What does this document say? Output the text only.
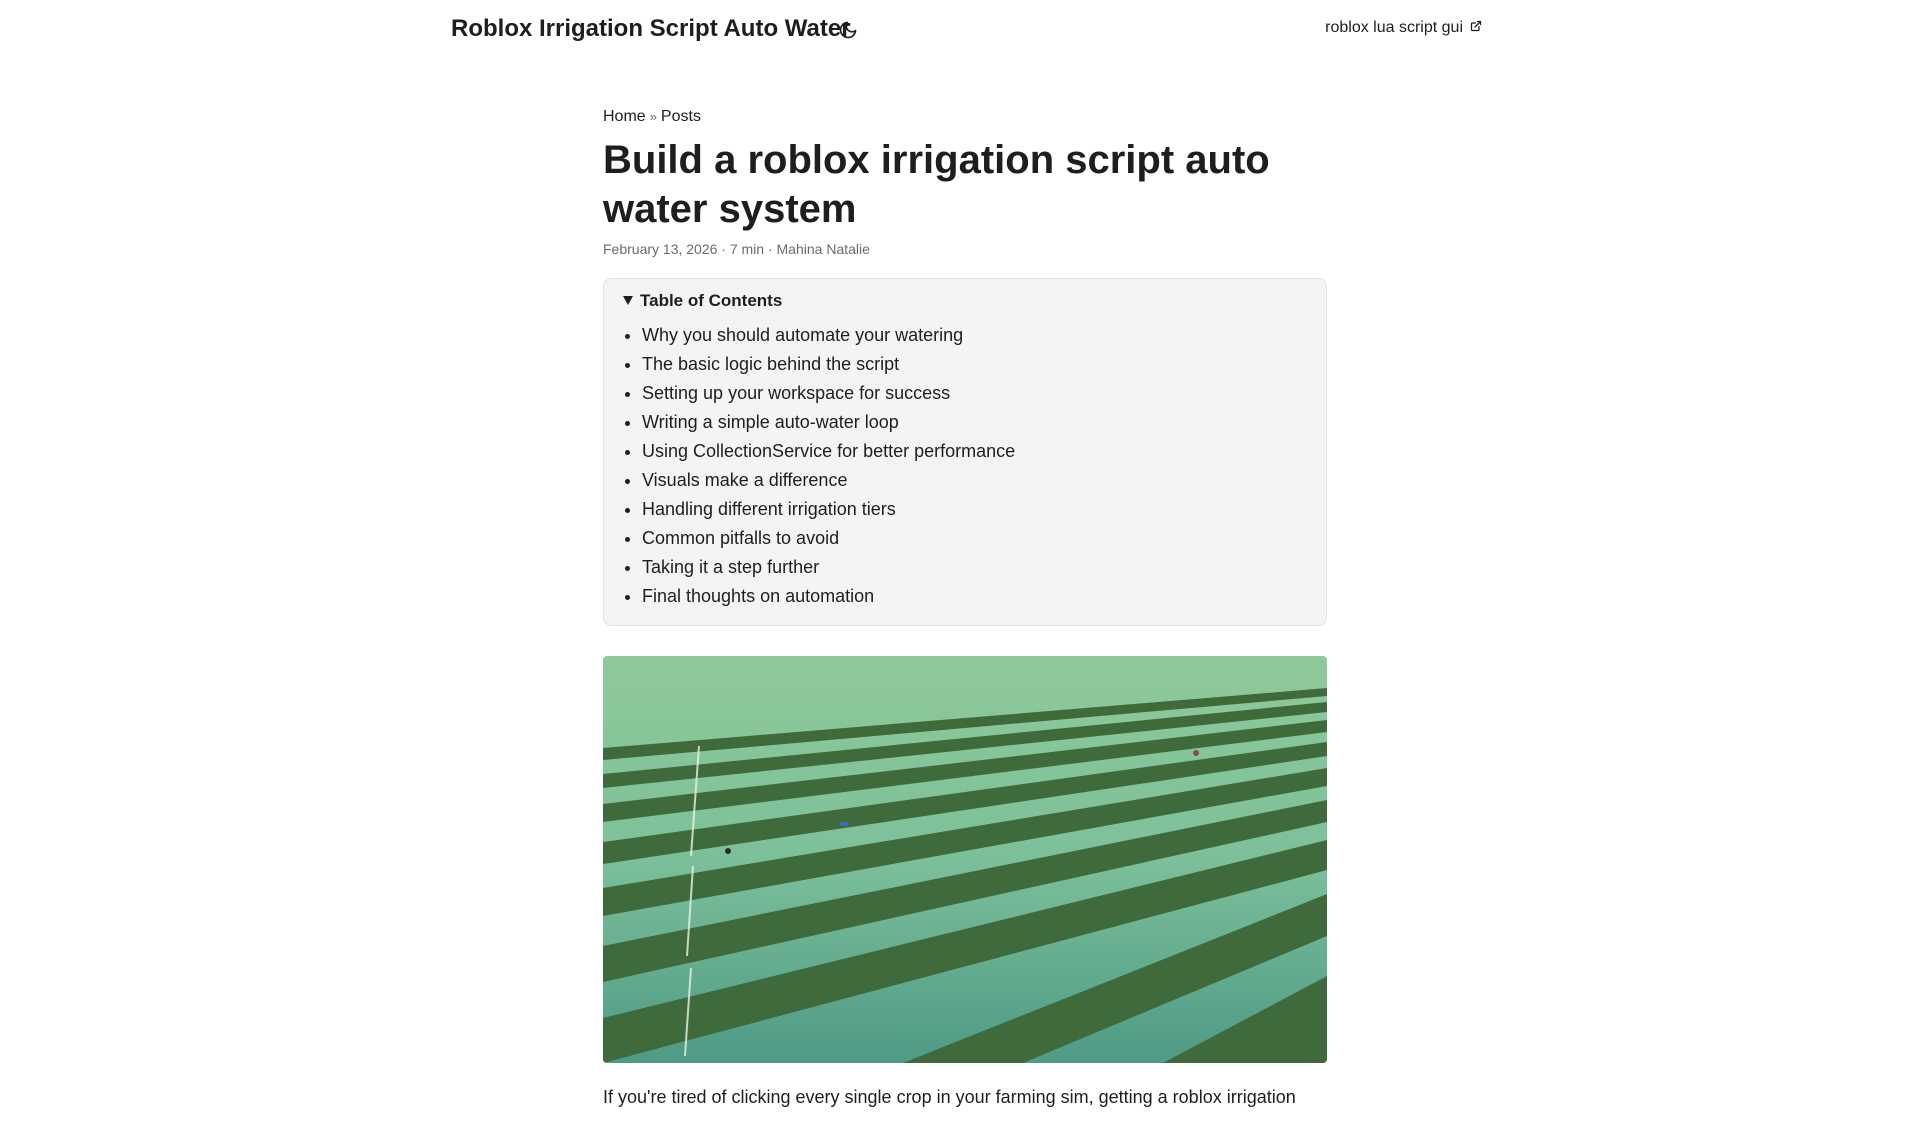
Roblox Irrigation Script Auto Water	roblox lua script gui
Home » Posts
Build a roblox irrigation script auto water system
February 13, 2026 · 7 min · Mahina Natalie
Table of Contents
• Why you should automate your watering
• The basic logic behind the script
• Setting up your workspace for success
• Writing a simple auto-water loop
• Using CollectionService for better performance
• Visuals make a difference
• Handling different irrigation tiers
• Common pitfalls to avoid
• Taking it a step further
• Final thoughts on automation

If you're tired of clicking every single crop in your farming sim, getting a roblox irrigation
